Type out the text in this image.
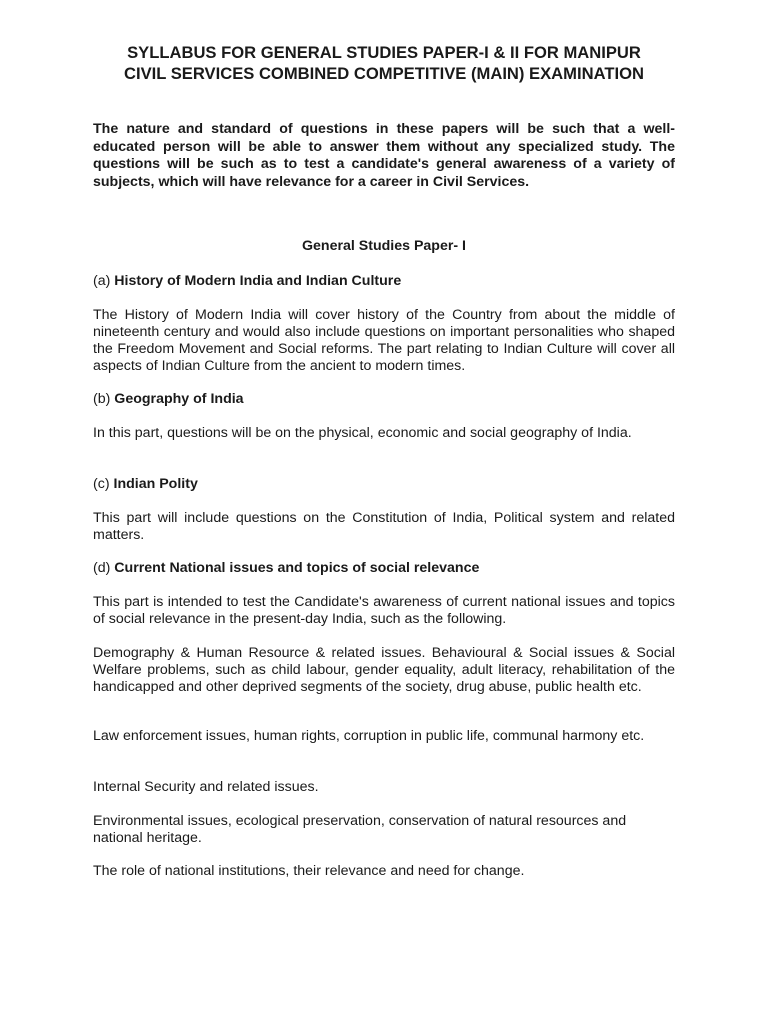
SYLLABUS FOR GENERAL STUDIES PAPER-I & II FOR MANIPUR
CIVIL SERVICES COMBINED COMPETITIVE (MAIN) EXAMINATION

The nature and standard of questions in these papers will be such that a well-educated person will be able to answer them without any specialized study. The questions will be such as to test a candidate's general awareness of a variety of subjects, which will have relevance for a career in Civil Services.

General Studies Paper- I

(a) History of Modern India and Indian Culture

The History of Modern India will cover history of the Country from about the middle of nineteenth century and would also include questions on important personalities who shaped the Freedom Movement and Social reforms. The part relating to Indian Culture will cover all aspects of Indian Culture from the ancient to modern times.

(b) Geography of India

In this part, questions will be on the physical, economic and social geography of India.

(c) Indian Polity

This part will include questions on the Constitution of India, Political system and related matters.

(d) Current National issues and topics of social relevance

This part is intended to test the Candidate's awareness of current national issues and topics of social relevance in the present-day India, such as the following.

Demography & Human Resource & related issues. Behavioural & Social issues & Social Welfare problems, such as child labour, gender equality, adult literacy, rehabilitation of the handicapped and other deprived segments of the society, drug abuse, public health etc.

Law enforcement issues, human rights, corruption in public life, communal harmony etc.

Internal Security and related issues.

Environmental issues, ecological preservation, conservation of natural resources and national heritage.

The role of national institutions, their relevance and need for change.
